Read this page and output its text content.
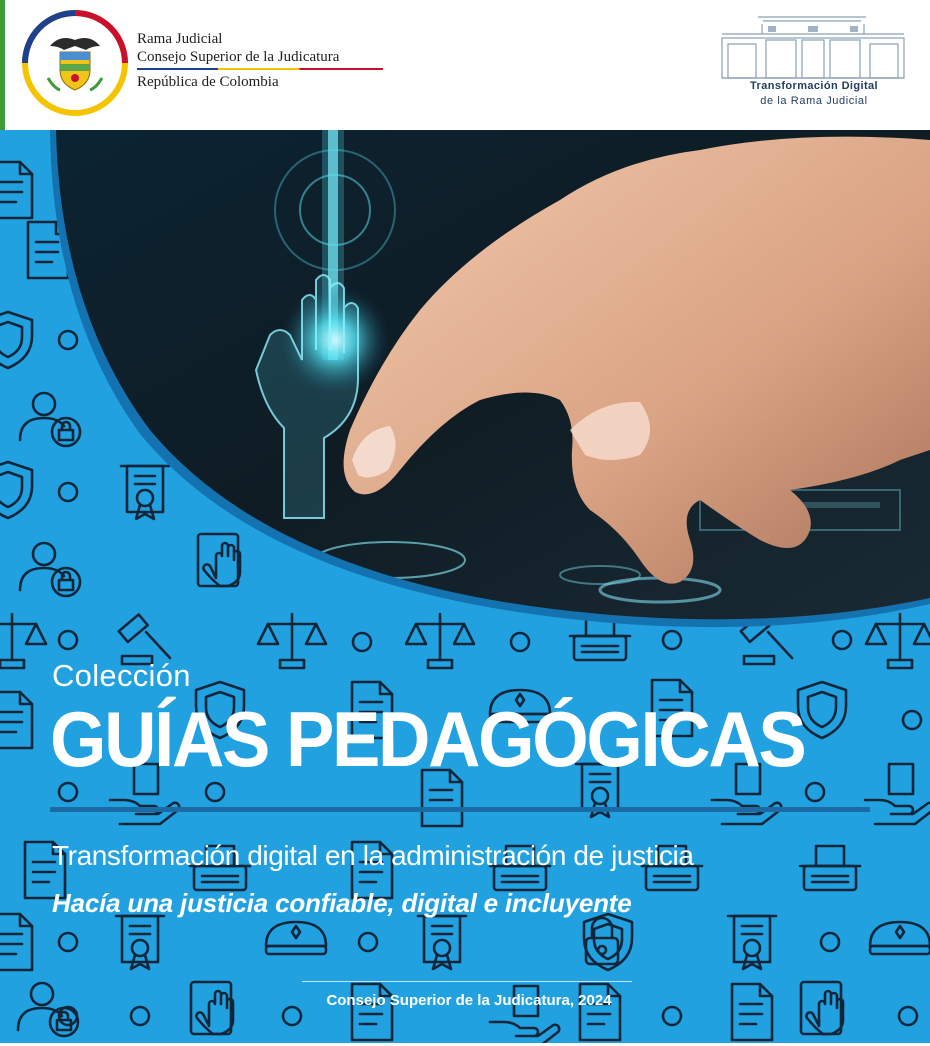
Rama Judicial
Consejo Superior de la Judicatura
República de Colombia	Transformación Digital
de la Rama Judicial
Colección
GUÍAS PEDAGÓGICAS
Transformación digital en la administración de justicia
Hacía una justicia confiable, digital e incluyente
Consejo Superior de la Judicatura, 2024
